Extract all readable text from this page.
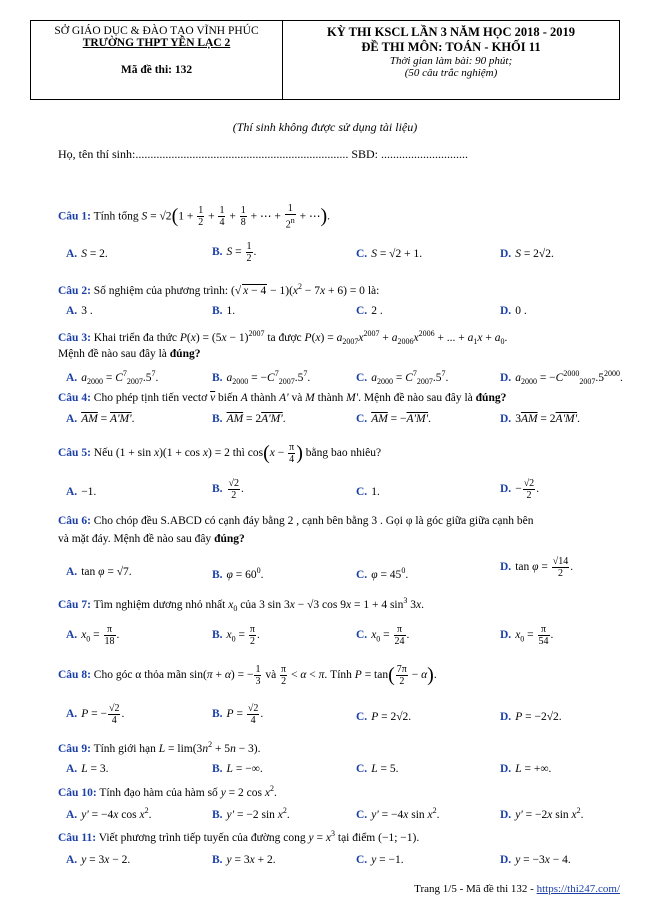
SỞ GIÁO DỤC & ĐÀO TẠO VĨNH PHÚC
TRƯỜNG THPT YÊN LẠC 2
Mã đề thi: 132
KỲ THI KSCL LẦN 3 NĂM HỌC 2018 - 2019
ĐỀ THI MÔN: TOÁN - KHỐI 11
Thời gian làm bài: 90 phút;
(50 câu trắc nghiệm)
(Thí sinh không được sử dụng tài liệu)
Họ, tên thí sinh:....................................................................... SBD: .............................
Câu 1: Tính tổng $S = √2(1 + \frac{1}{2} + \frac{1}{4} + \frac{1}{8}$ + ⋯ + $\frac{1}{2^n}$ + ⋯).
A. S = 2.	B. $S = \frac{1}{2}$ .	C. S = √2 + 1.	D. S = 2√2.
Câu 2: Số nghiệm của phương trình: (√ $x - 4 - 1)(x^2 - 7x + 6) = 0$ là:
A. 3 .	B. 1.	C. 2 .	D. 0 .
Câu 3: Khai triển đa thức $P(x) = (5x - 1)^{2007}$ ta được $P(x) = a_{2007}x^{2007} + a_{2006}x^{2006}$ + ... + $a_1x + a_0$.
Mệnh đề nào sau đây là đúng?
A. $a_{2000} = C^7_{2007}.5^7$.	B. $a_{2000} = -C^7_{2007}.5^7$.	C. $a_{2000} = C^7_{2007}.5^7$.	D. $a_{2000} = -C^{2000}_{2007}.5^{2000}$.
Câu 4: Cho phép tịnh tiến vectơ $\overline{v}$ biến A thành A' và M thành M'. Mệnh đề nào sau đây là đúng?
A. $\overline{AM} = A'M'$.	B. $\overline{AM} = 2A'M'$.	C. $\overline{AM} = -A'M'$.	D. $3\overline{AM} = 2A'M'$.
Câu 5: Nếu (1 + sin x)(1 + cos x) = 2 thì $\cos(x - \frac{\pi}{4}$ ) bằng bao nhiêu?
A. −1.	B. $\frac{√2}{2}$ .	C. 1.	D. − $\frac{√2}{2}$ .
Câu 6: Cho chóp đều S.ABCD có cạnh đáy bằng 2 , cạnh bên bằng 3 . Gọi φ là góc giữa giữa cạnh bên
và mặt đáy. Mệnh đề nào sau đây đúng?
A. tan φ = √7.	B. $\varphi = 60^0$.	C. $\varphi = 45^0$.
D. $\tan \varphi = \frac{√14}{2}$ .
Câu 7: Tìm nghiệm dương nhỏ nhất $x_0$ của 3 sin 3x − √3 cos 9x = 1 + 4 $\sin^3 3x$.
A. $x_0 = \frac{\pi}{18}$ .	B. $x_0 = \frac{\pi}{2}$ .	C. $x_0 = \frac{\pi}{24}$ .	D. $x_0 = \frac{\pi}{54}$ .
Câu 8: Cho góc α thỏa mãn sin(π + α) = − $\frac{1}{3}$ và $\frac{\pi}{2} < \alpha < \pi$. Tính $P = \tan( \frac{7\pi}{2} - \alpha)$.
A. P = − $\frac{√2}{4}$ .	B. $P = \frac{√2}{4}$ .	C. P = 2√2.	D. P = −2√2.
Câu 9: Tính giới hạn $L = \lim(3n^2 + 5n - 3)$.
A. L = 3.	B. L = −∞.	C. L = 5.	D. L = +∞.
Câu 10: Tính đạo hàm của hàm số y = 2 $\cos x^2$.
A. y' = −4x $\cos x^2$.	B. y' = −2 $\sin x^2$.	C. y' = −4x $\sin x^2$.	D. y' = −2x $\sin x^2$.
Câu 11: Viết phương trình tiếp tuyến của đường cong $y = x^3$ tại điểm (−1; −1).
A. y = 3x − 2.	B. y = 3x + 2.	C. y = −1.	D. y = −3x − 4.
Trang 1/5 - Mã đề thi 132 - https://thi247.com/
